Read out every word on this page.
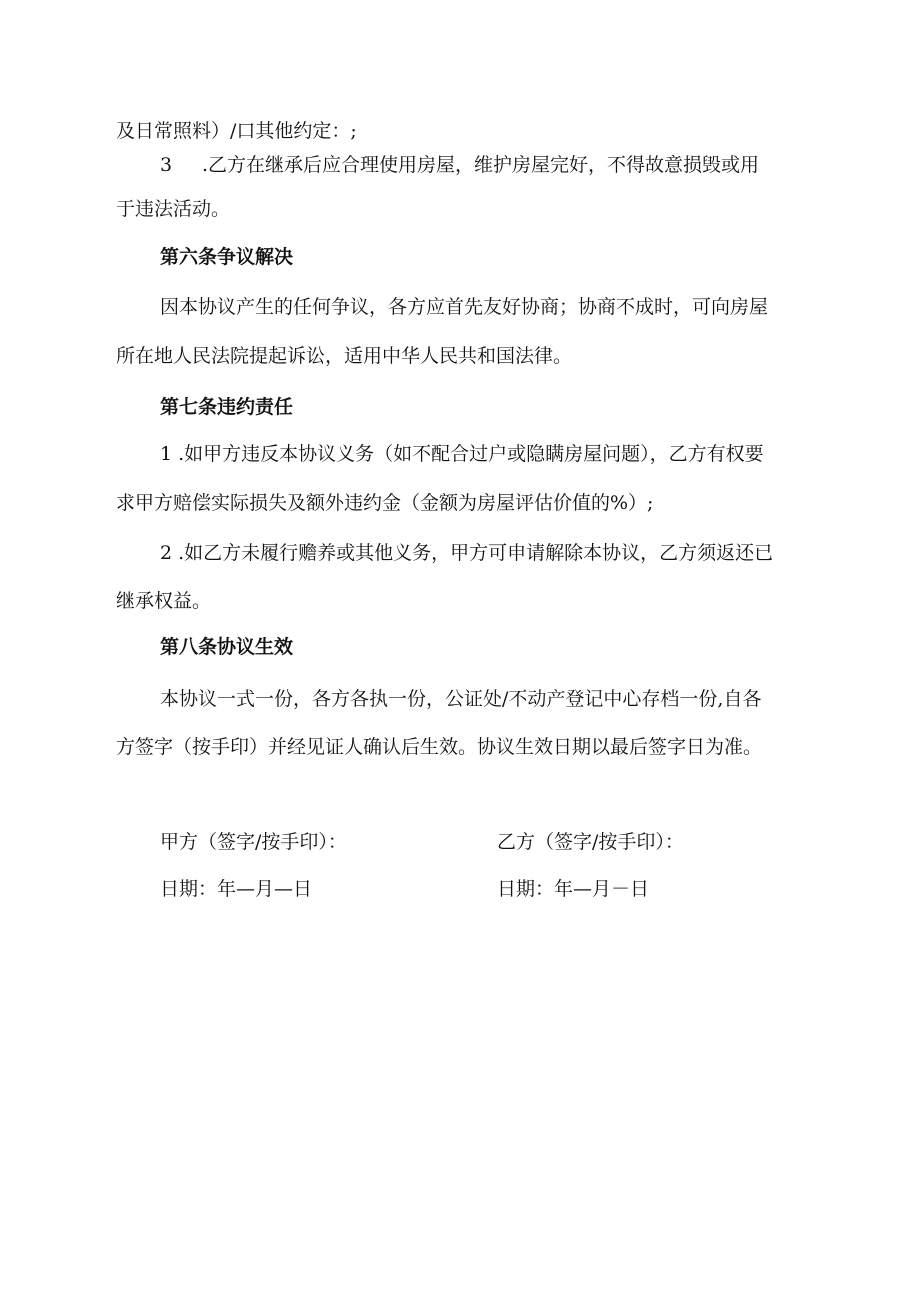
及日常照料）/口其他约定：;
3 .乙方在继承后应合理使用房屋，维护房屋完好，不得故意损毁或用
于违法活动。
第六条争议解决
因本协议产生的任何争议，各方应首先友好协商；协商不成时，可向房屋
所在地人民法院提起诉讼，适用中华人民共和国法律。
第七条违约责任
1 .如甲方违反本协议义务（如不配合过户或隐瞒房屋问题），乙方有权要
求甲方赔偿实际损失及额外违约金（金额为房屋评估价值的%）;
2 .如乙方未履行赡养或其他义务，甲方可申请解除本协议，乙方须返还已
继承权益。
第八条协议生效
本协议一式一份，各方各执一份，公证处/不动产登记中心存档一份,自各
方签字（按手印）并经见证人确认后生效。协议生效日期以最后签字日为准。
甲方（签字/按手印）：	乙方（签字/按手印）：
日期：年—月—日	日期：年—月－日
